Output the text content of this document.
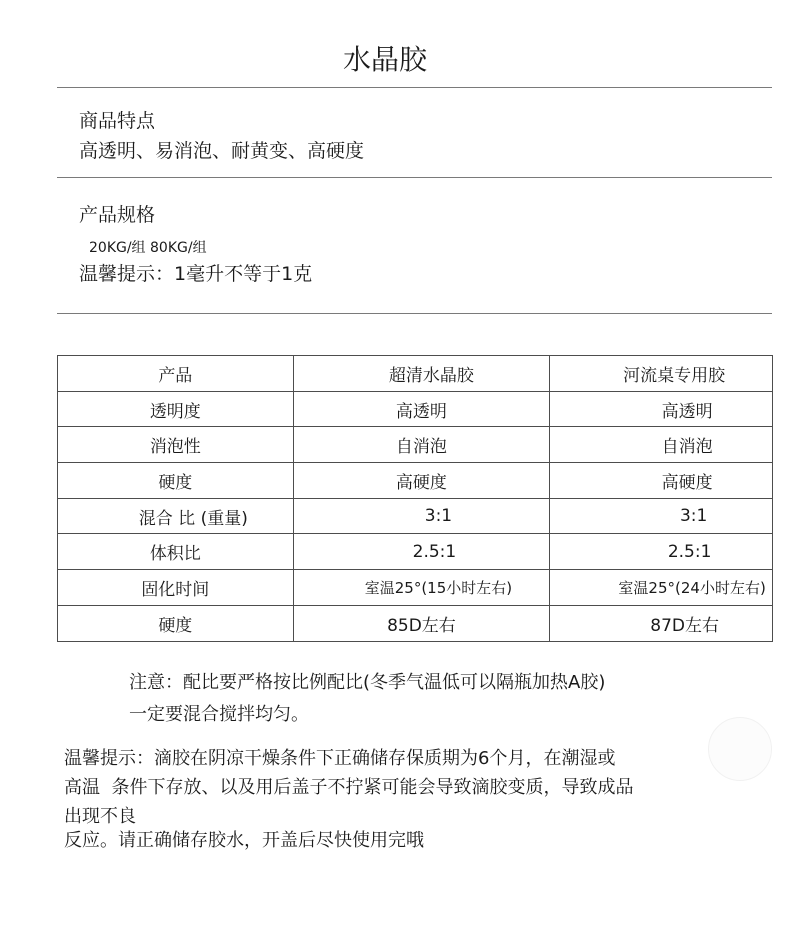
水晶胶
商品特点
高透明、易消泡、耐黄变、高硬度
产品规格
20KG/组 80KG/组
温馨提示：1毫升不等于1克
产品	超清水晶胶	河流桌专用胶
透明度	高透明	高透明
消泡性	自消泡	自消泡
硬度	高硬度	高硬度
混合 比 (重量)	3:1	3:1
体积比	2.5:1	2.5:1
固化时间	室温25°(15小时左右)	室温25°(24小时左右)
硬度	85D左右	87D左右
注意：配比要严格按比例配比(冬季气温低可以隔瓶加热A胶)
一定要混合搅拌均匀。
温馨提示：滴胶在阴凉干燥条件下正确储存保质期为6个月，在潮湿或
高温  条件下存放、以及用后盖子不拧紧可能会导致滴胶变质，导致成品
出现不良
反应。请正确储存胶水，开盖后尽快使用完哦
